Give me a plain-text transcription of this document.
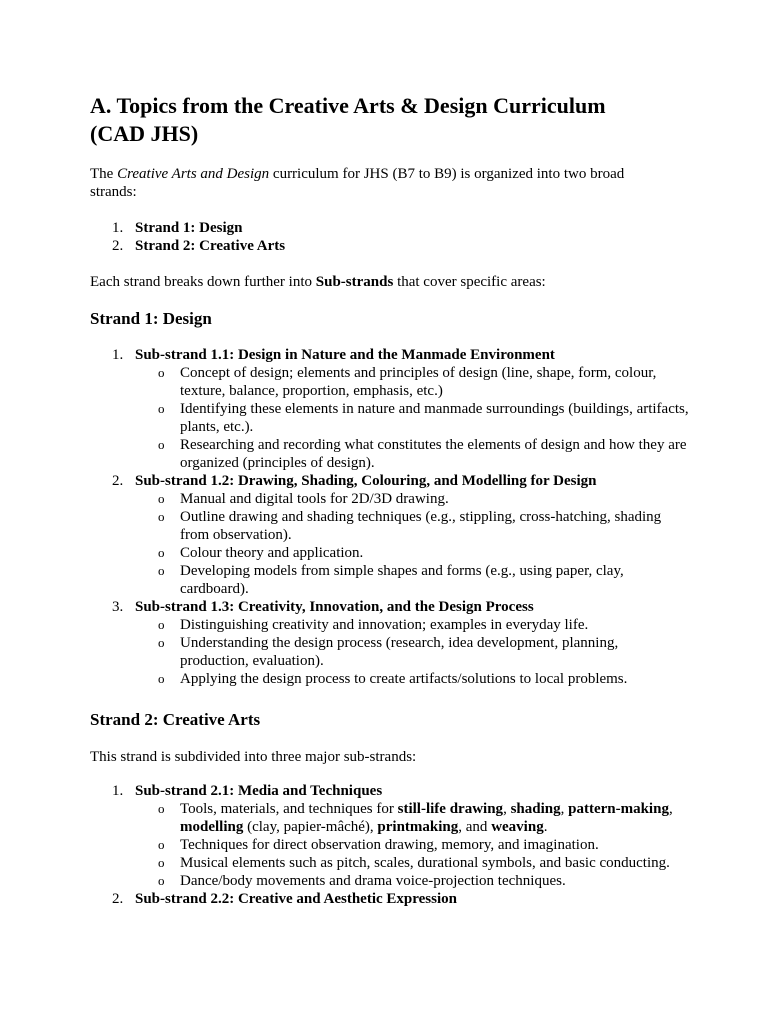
A. Topics from the Creative Arts & Design Curriculum (CAD JHS)

The Creative Arts and Design curriculum for JHS (B7 to B9) is organized into two broad strands:

1. Strand 1: Design
2. Strand 2: Creative Arts

Each strand breaks down further into Sub-strands that cover specific areas:

Strand 1: Design
1. Sub-strand 1.1: Design in Nature and the Manmade Environment
o Concept of design; elements and principles of design (line, shape, form, colour, texture, balance, proportion, emphasis, etc.)
o Identifying these elements in nature and manmade surroundings (buildings, artifacts, plants, etc.).
o Researching and recording what constitutes the elements of design and how they are organized (principles of design).
2. Sub-strand 1.2: Drawing, Shading, Colouring, and Modelling for Design
o Manual and digital tools for 2D/3D drawing.
o Outline drawing and shading techniques (e.g., stippling, cross-hatching, shading from observation).
o Colour theory and application.
o Developing models from simple shapes and forms (e.g., using paper, clay, cardboard).
3. Sub-strand 1.3: Creativity, Innovation, and the Design Process
o Distinguishing creativity and innovation; examples in everyday life.
o Understanding the design process (research, idea development, planning, production, evaluation).
o Applying the design process to create artifacts/solutions to local problems.
Strand 2: Creative Arts

This strand is subdivided into three major sub-strands:

1. Sub-strand 2.1: Media and Techniques
o Tools, materials, and techniques for still-life drawing, shading, pattern-making, modelling (clay, papier-mâché), printmaking, and weaving.
o Techniques for direct observation drawing, memory, and imagination.
o Musical elements such as pitch, scales, durational symbols, and basic conducting.
o Dance/body movements and drama voice-projection techniques.
2. Sub-strand 2.2: Creative and Aesthetic Expression
